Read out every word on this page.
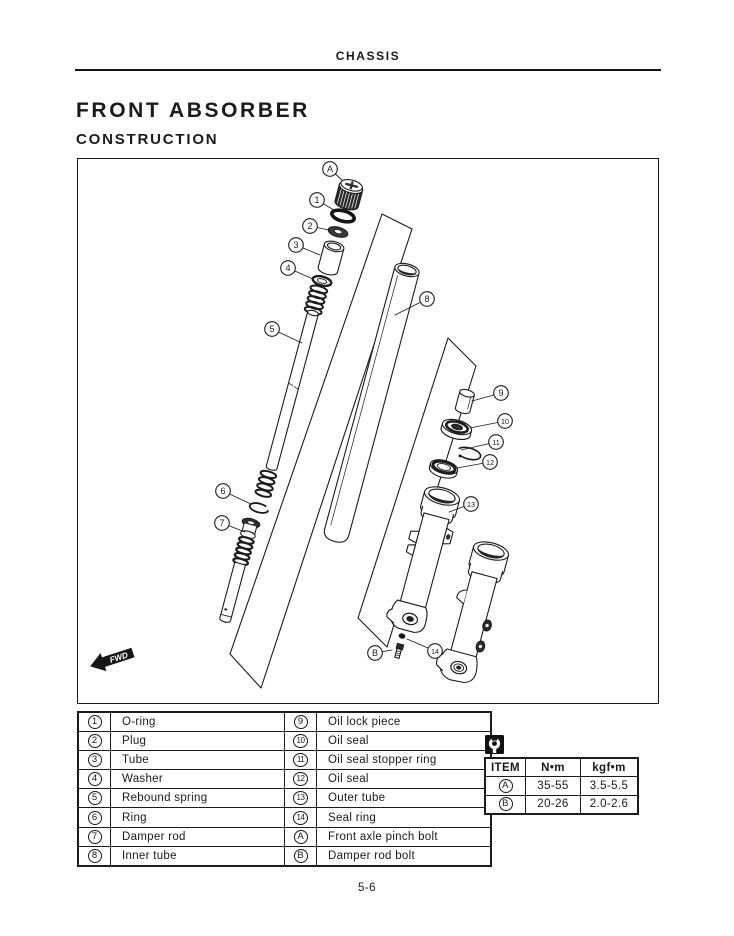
CHASSIS
FRONT ABSORBER
CONSTRUCTION
A
1
2
3
4
5
6
7
8
9
10
11
12
13
14
B
FWD
1	O-ring	9	Oil lock piece
2	Plug	10	Oil seal
3	Tube	11	Oil seal stopper ring
4	Washer	12	Oil seal
5	Rebound spring	13	Outer tube
6	Ring	14	Seal ring
7	Damper rod	A	Front axle pinch bolt
8	Inner tube	B	Damper rod bolt
ITEM	N•m	kgf•m
A	35-55	3.5-5.5
B	20-26	2.0-2.6
5-6
